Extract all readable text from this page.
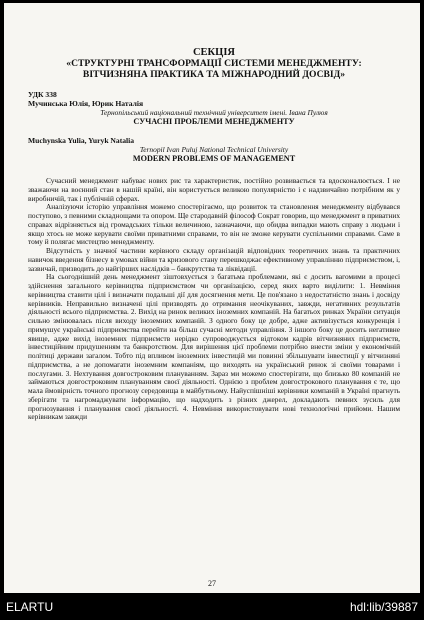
СЕКЦІЯ
«СТРУКТУРНІ ТРАНСФОРМАЦІЇ СИСТЕМИ МЕНЕДЖМЕНТУ:
ВІТЧИЗНЯНА ПРАКТИКА ТА МІЖНАРОДНИЙ ДОСВІД»
УДК 338
Мучинська Юлія, Юрик Наталія
Тернопільський національний технічний університет імені. Івана Пулюя
СУЧАСНІ ПРОБЛЕМИ МЕНЕДЖМЕНТУ
Muchynska Yulia, Yuryk Natalia
Ternopil Ivan Puluj National Technical University
MODERN PROBLEMS OF MANAGEMENT

Сучасний менеджмент набуває нових рис та характеристик, постійно розвивається та вдосконалюється. І не зважаючи на воєнний стан в нашій країні, він користується великою популярністю і є надзвичайно потрібним як у виробничій, так і публічній сферах.

Аналізуючи історію управління можемо спостерігаємо, що розвиток та становлення менеджменту відбувався поступово, з певними складнощами та опором. Ще стародавній філософ Сократ говорив, що менеджмент в приватних справах відрізняється від громадських тільки величиною, зазначаючи, що обидва випадки мають справу з людьми і якщо хтось не може керувати своїми приватними справами, то він не зможе керувати суспільними справами. Саме в тому й полягає мистецтво менеджменту.

Відсутність у значної частини керівного складу організацій відповідних теоретичних знань та практичних навичок введення бізнесу в умовах війни та кризового стану перешкоджає ефективному управлінню підприємством, і, зазвичай, призводить до найгірших наслідків – банкрутства та ліквідації.

На сьогоднішній день менеджмент зіштовхується з багатьма проблемами, які є досить вагомими в процесі здійснення загального керівництва підприємством чи організацією, серед яких варто виділити: 1. Невміння керівництва ставити цілі і визначати подальші дії для досягнення мети. Це пов'язано з недостатністю знань і досвіду керівників. Неправильно визначені цілі призводять до отримання неочікуваних, завжди, негативних результатів діяльності всього підприємства. 2. Вихід на ринок великих іноземних компаній. На багатьох ринках України ситуація сильно змінювалась після виходу іноземних компаній. З одного боку це добре, адже активізується конкуренція і примушує українські підприємства перейти на більш сучасні методи управління. З іншого боку це досить негативне явище, адже вихід іноземних підприємств нерідко супроводжується відтоком кадрів вітчизняних підприємств, інвестиційним придушенням та банкротством. Для вирішення цієї проблеми потрібно внести зміни у економічній політиці держави загалом. Тобто під впливом іноземних інвестицій ми повинні збільшувати інвестиції у вітчизняні підприємства, а не допомагати іноземним компаніям, що виходять на український ринок зі своїми товарами і послугами. 3. Нехтування довгостроковим плануванням. Зараз ми можемо спостерігати, що близько 80 компаній не займаються довгостроковим плануванням своєї діяльності. Однією з проблем довгострокового планування є те, що мала ймовірність точного прогнозу середовища в майбутньому. Найуспішніші керівники компаній в Україні прагнуть зберігати та нагромаджувати інформацію, що надходить з різних джерел, докладають певних зусиль для прогнозування і планування своєї діяльності. 4. Невміння використовувати нові технологічні прийоми. Нашим керівникам завжди

27
ELARTU	hdl:lib/39887
